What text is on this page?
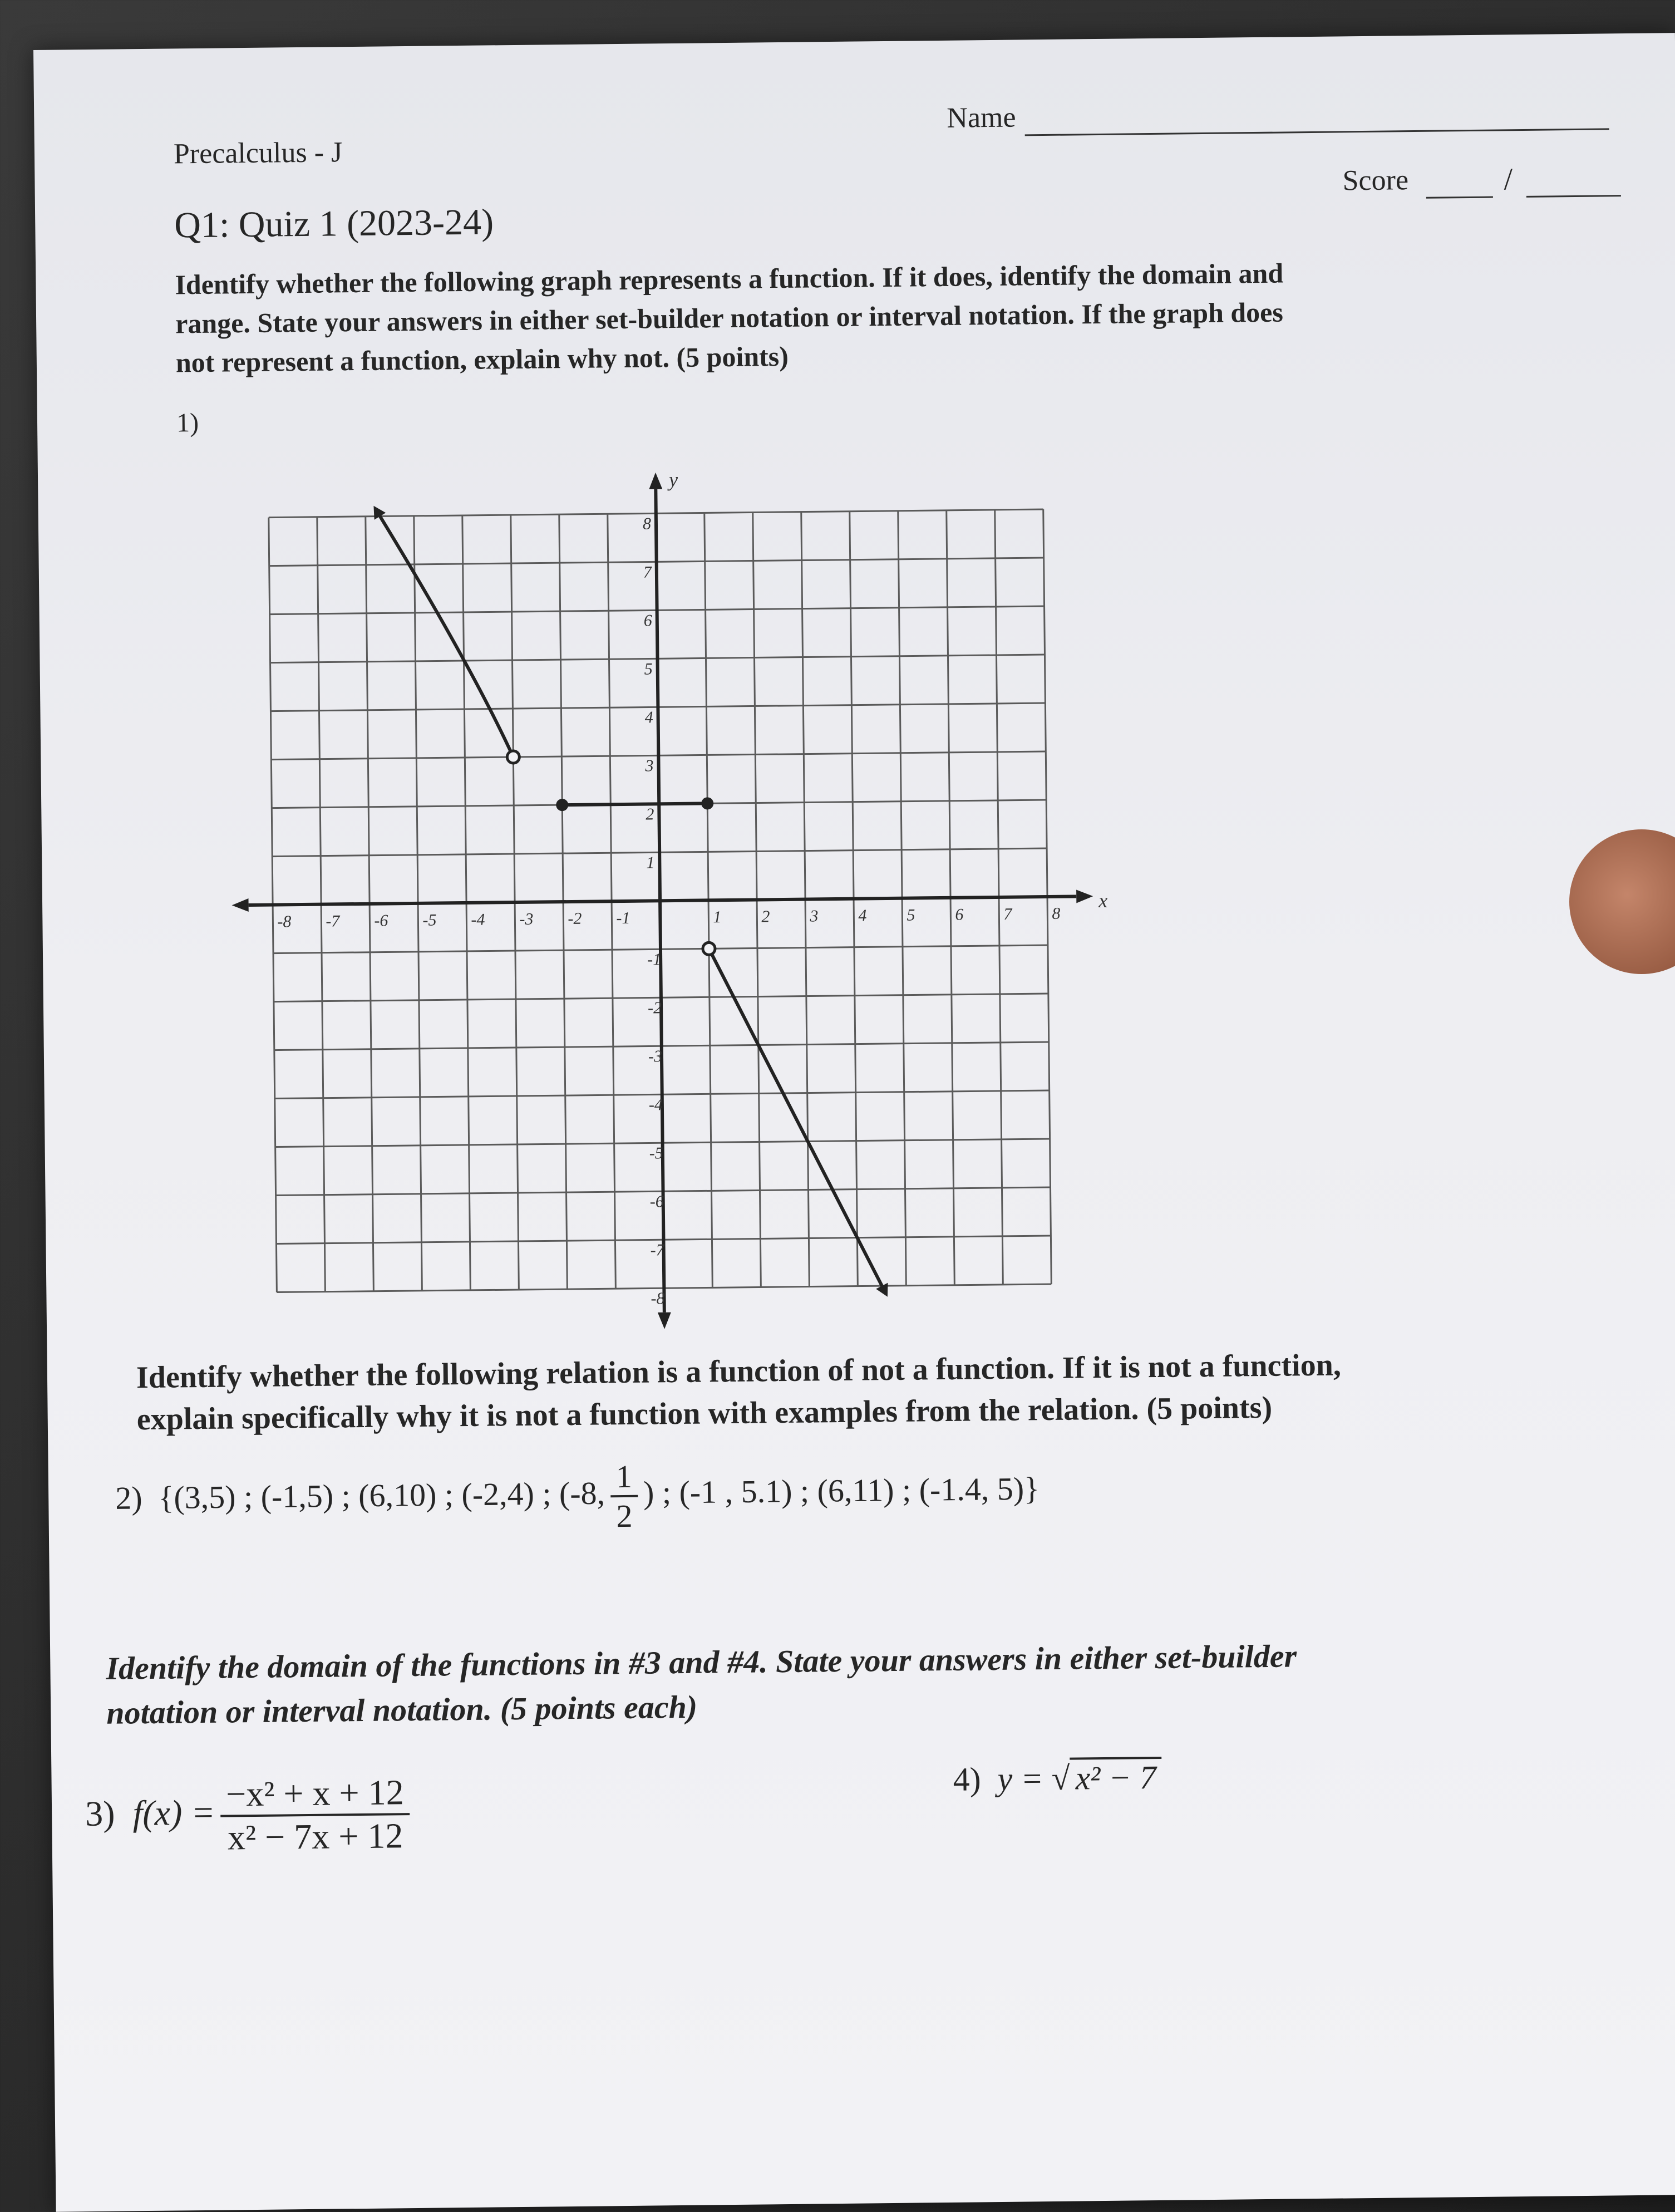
Precalculus - J
Name
Q1: Quiz 1 (2023-24)
Score	/
Identify whether the following graph represents a function. If it does, identify the domain and
range. State your answers in either set-builder notation or interval notation. If the graph does
not represent a function, explain why not. (5 points)
1)
-8 -7 -6 -5 -4 -3 -2 -1	1 2 3 4 5 6 7 8
8
7
6
5
4
3
2
1
-1
-2
-3
-4
-5
-6
-7
-8
x
y
Identify whether the following relation is a function of not a function. If it is not a function,
explain specifically why it is not a function with examples from the relation. (5 points)
2) {(3,5) ; (-1,5) ; (6,10) ; (-2,4) ; (-8, $\frac{1}{2}$ ) ; (-1 , 5.1) ; (6,11) ; (-1.4, 5)}
Identify the domain of the functions in #3 and #4. State your answers in either set-builder
notation or interval notation. (5 points each)
3) $f(x) = \frac{\text{−x² + x + 12}}{\text{x² − 7x + 12}}$	4) y = √ x² − 7
